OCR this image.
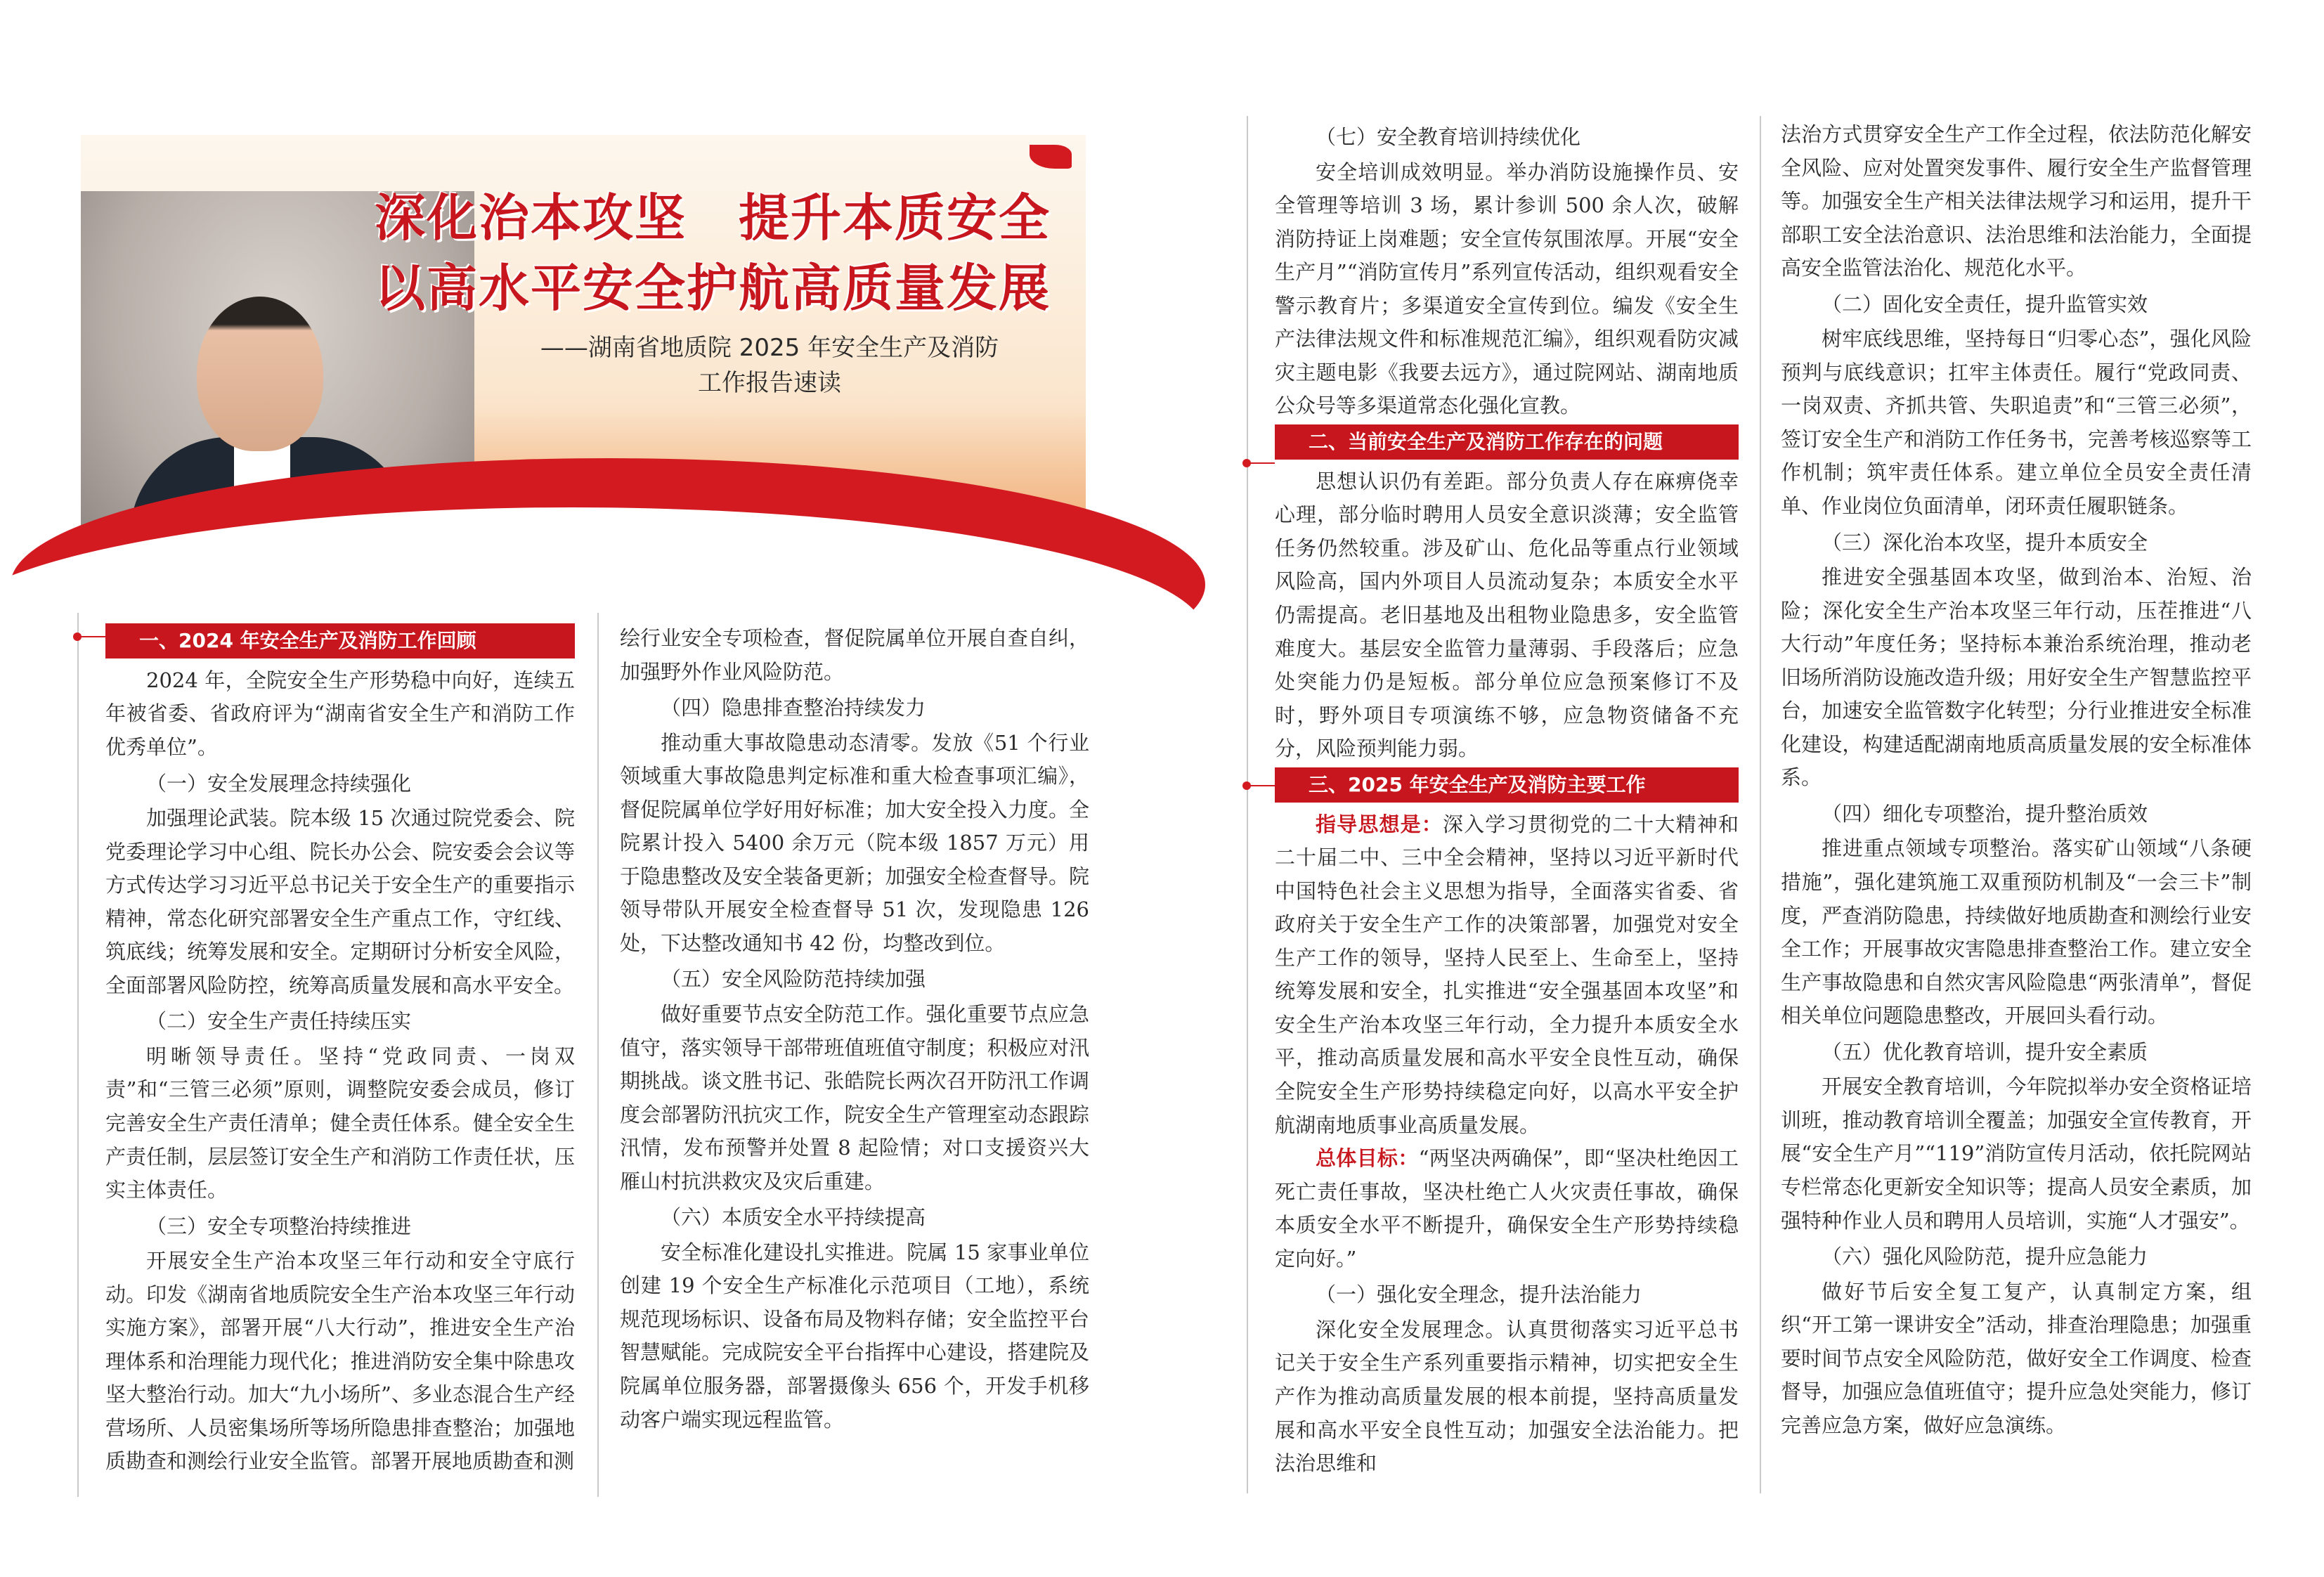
深化治本攻坚　提升本质安全
以高水平安全护航高质量发展
——湖南省地质院 2025 年安全生产及消防
工作报告速读
一、2024 年安全生产及消防工作回顾

2024 年，全院安全生产形势稳中向好，连续五年被省委、省政府评为“湖南省安全生产和消防工作优秀单位”。

（一）安全发展理念持续强化

加强理论武装。院本级 15 次通过院党委会、院党委理论学习中心组、院长办公会、院安委会会议等方式传达学习习近平总书记关于安全生产的重要指示精神，常态化研究部署安全生产重点工作，守红线、筑底线；统筹发展和安全。定期研讨分析安全风险，全面部署风险防控，统筹高质量发展和高水平安全。

（二）安全生产责任持续压实

明晰领导责任。坚持“党政同责、一岗双责”和“三管三必须”原则，调整院安委会成员，修订完善安全生产责任清单；健全责任体系。健全安全生产责任制，层层签订安全生产和消防工作责任状，压实主体责任。

（三）安全专项整治持续推进

开展安全生产治本攻坚三年行动和安全守底行动。印发《湖南省地质院安全生产治本攻坚三年行动实施方案》，部署开展“八大行动”，推进安全生产治理体系和治理能力现代化；推进消防安全集中除患攻坚大整治行动。加大“九小场所”、多业态混合生产经营场所、人员密集场所等场所隐患排查整治；加强地质勘查和测绘行业安全监管。部署开展地质勘查和测

绘行业安全专项检查，督促院属单位开展自查自纠，加强野外作业风险防范。

（四）隐患排查整治持续发力

推动重大事故隐患动态清零。发放《51 个行业领域重大事故隐患判定标准和重大检查事项汇编》，督促院属单位学好用好标准；加大安全投入力度。全院累计投入 5400 余万元（院本级 1857 万元）用于隐患整改及安全装备更新；加强安全检查督导。院领导带队开展安全检查督导 51 次，发现隐患 126 处，下达整改通知书 42 份，均整改到位。

（五）安全风险防范持续加强

做好重要节点安全防范工作。强化重要节点应急值守，落实领导干部带班值班值守制度；积极应对汛期挑战。谈文胜书记、张皓院长两次召开防汛工作调度会部署防汛抗灾工作，院安全生产管理室动态跟踪汛情，发布预警并处置 8 起险情；对口支援资兴大雁山村抗洪救灾及灾后重建。

（六）本质安全水平持续提高

安全标准化建设扎实推进。院属 15 家事业单位创建 19 个安全生产标准化示范项目（工地），系统规范现场标识、设备布局及物料存储；安全监控平台智慧赋能。完成院安全平台指挥中心建设，搭建院及院属单位服务器，部署摄像头 656 个，开发手机移动客户端实现远程监管。

（七）安全教育培训持续优化

安全培训成效明显。举办消防设施操作员、安全管理等培训 3 场，累计参训 500 余人次，破解消防持证上岗难题；安全宣传氛围浓厚。开展“安全生产月”“消防宣传月”系列宣传活动，组织观看安全警示教育片；多渠道安全宣传到位。编发《安全生产法律法规文件和标准规范汇编》，组织观看防灾减灾主题电影《我要去远方》，通过院网站、湖南地质公众号等多渠道常态化强化宣教。

二、当前安全生产及消防工作存在的问题

思想认识仍有差距。部分负责人存在麻痹侥幸心理，部分临时聘用人员安全意识淡薄；安全监管任务仍然较重。涉及矿山、危化品等重点行业领域风险高，国内外项目人员流动复杂；本质安全水平仍需提高。老旧基地及出租物业隐患多，安全监管难度大。基层安全监管力量薄弱、手段落后；应急处突能力仍是短板。部分单位应急预案修订不及时，野外项目专项演练不够，应急物资储备不充分，风险预判能力弱。

三、2025 年安全生产及消防主要工作

指导思想是：深入学习贯彻党的二十大精神和二十届二中、三中全会精神，坚持以习近平新时代中国特色社会主义思想为指导，全面落实省委、省政府关于安全生产工作的决策部署，加强党对安全生产工作的领导，坚持人民至上、生命至上，坚持统筹发展和安全，扎实推进“安全强基固本攻坚”和安全生产治本攻坚三年行动，全力提升本质安全水平，推动高质量发展和高水平安全良性互动，确保全院安全生产形势持续稳定向好，以高水平安全护航湖南地质事业高质量发展。

总体目标：“两坚决两确保”，即“坚决杜绝因工死亡责任事故，坚决杜绝亡人火灾责任事故，确保本质安全水平不断提升，确保安全生产形势持续稳定向好。”

（一）强化安全理念，提升法治能力

深化安全发展理念。认真贯彻落实习近平总书记关于安全生产系列重要指示精神，切实把安全生产作为推动高质量发展的根本前提，坚持高质量发展和高水平安全良性互动；加强安全法治能力。把法治思维和

法治方式贯穿安全生产工作全过程，依法防范化解安全风险、应对处置突发事件、履行安全生产监督管理等。加强安全生产相关法律法规学习和运用，提升干部职工安全法治意识、法治思维和法治能力，全面提高安全监管法治化、规范化水平。

（二）固化安全责任，提升监管实效

树牢底线思维，坚持每日“归零心态”，强化风险预判与底线意识；扛牢主体责任。履行“党政同责、一岗双责、齐抓共管、失职追责”和“三管三必须”，签订安全生产和消防工作任务书，完善考核巡察等工作机制；筑牢责任体系。建立单位全员安全责任清单、作业岗位负面清单，闭环责任履职链条。

（三）深化治本攻坚，提升本质安全

推进安全强基固本攻坚，做到治本、治短、治险；深化安全生产治本攻坚三年行动，压茬推进“八大行动”年度任务；坚持标本兼治系统治理，推动老旧场所消防设施改造升级；用好安全生产智慧监控平台，加速安全监管数字化转型；分行业推进安全标准化建设，构建适配湖南地质高质量发展的安全标准体系。

（四）细化专项整治，提升整治质效

推进重点领域专项整治。落实矿山领域“八条硬措施”，强化建筑施工双重预防机制及“一会三卡”制度，严查消防隐患，持续做好地质勘查和测绘行业安全工作；开展事故灾害隐患排查整治工作。建立安全生产事故隐患和自然灾害风险隐患“两张清单”，督促相关单位问题隐患整改，开展回头看行动。

（五）优化教育培训，提升安全素质

开展安全教育培训，今年院拟举办安全资格证培训班，推动教育培训全覆盖；加强安全宣传教育，开展“安全生产月”“119”消防宣传月活动，依托院网站专栏常态化更新安全知识等；提高人员安全素质，加强特种作业人员和聘用人员培训，实施“人才强安”。

（六）强化风险防范，提升应急能力

做好节后安全复工复产，认真制定方案，组织“开工第一课讲安全”活动，排查治理隐患；加强重要时间节点安全风险防范，做好安全工作调度、检查督导，加强应急值班值守；提升应急处突能力，修订完善应急方案，做好应急演练。
